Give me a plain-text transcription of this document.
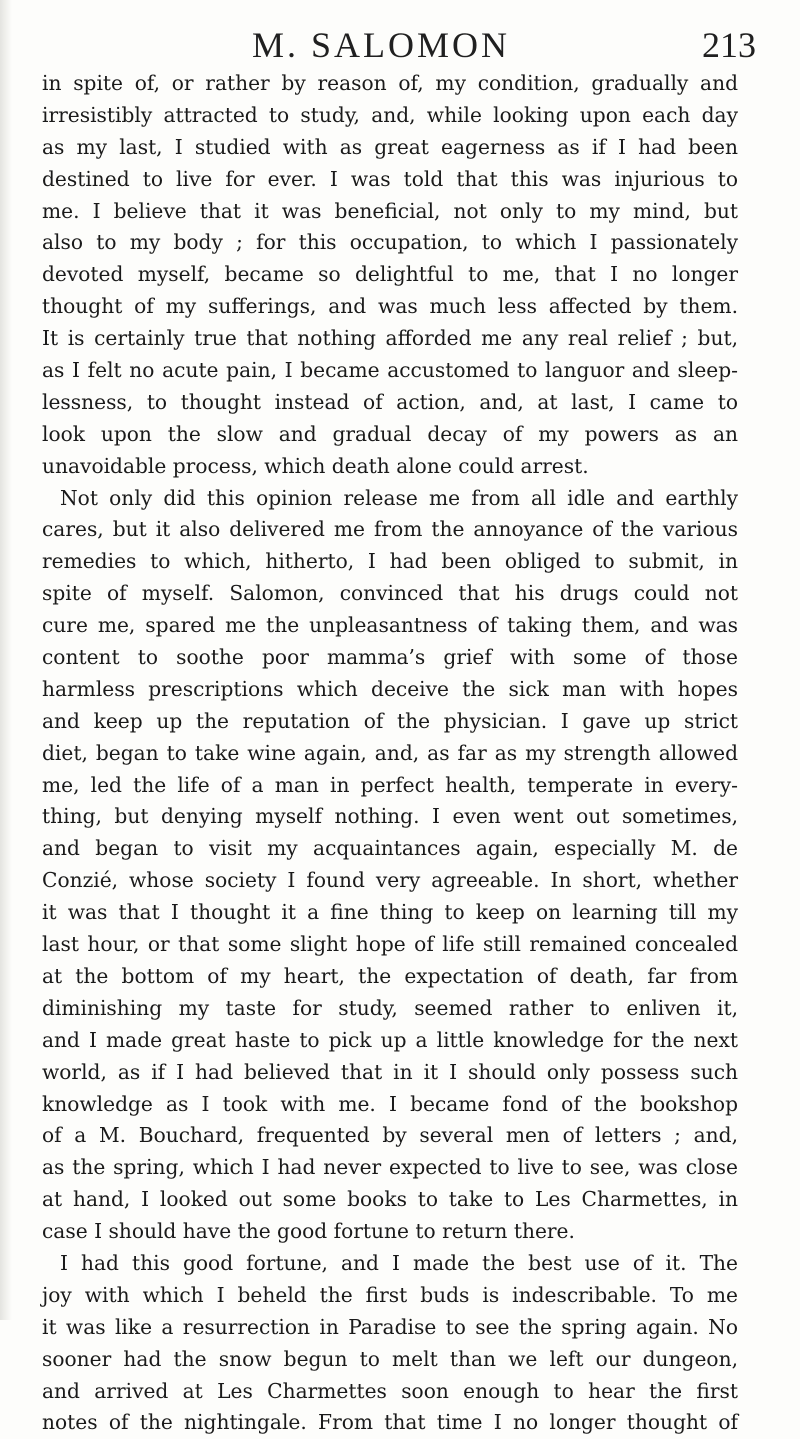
M. SALOMON	213
in spite of, or rather by reason of, my condition, gradually and
irresistibly attracted to study, and, while looking upon each day
as my last, I studied with as great eagerness as if I had been
destined to live for ever. I was told that this was injurious to
me. I believe that it was beneficial, not only to my mind, but
also to my body ; for this occupation, to which I passionately
devoted myself, became so delightful to me, that I no longer
thought of my sufferings, and was much less affected by them.
It is certainly true that nothing afforded me any real relief ; but,
as I felt no acute pain, I became accustomed to languor and sleep-
lessness, to thought instead of action, and, at last, I came to
look upon the slow and gradual decay of my powers as an
unavoidable process, which death alone could arrest.
Not only did this opinion release me from all idle and earthly
cares, but it also delivered me from the annoyance of the various
remedies to which, hitherto, I had been obliged to submit, in
spite of myself. Salomon, convinced that his drugs could not
cure me, spared me the unpleasantness of taking them, and was
content to soothe poor mamma’s grief with some of those
harmless prescriptions which deceive the sick man with hopes
and keep up the reputation of the physician. I gave up strict
diet, began to take wine again, and, as far as my strength allowed
me, led the life of a man in perfect health, temperate in every-
thing, but denying myself nothing. I even went out sometimes,
and began to visit my acquaintances again, especially M. de
Conzié, whose society I found very agreeable. In short, whether
it was that I thought it a fine thing to keep on learning till my
last hour, or that some slight hope of life still remained concealed
at the bottom of my heart, the expectation of death, far from
diminishing my taste for study, seemed rather to enliven it,
and I made great haste to pick up a little knowledge for the next
world, as if I had believed that in it I should only possess such
knowledge as I took with me. I became fond of the bookshop
of a M. Bouchard, frequented by several men of letters ; and,
as the spring, which I had never expected to live to see, was close
at hand, I looked out some books to take to Les Charmettes, in
case I should have the good fortune to return there.
I had this good fortune, and I made the best use of it. The
joy with which I beheld the first buds is indescribable. To me
it was like a resurrection in Paradise to see the spring again. No
sooner had the snow begun to melt than we left our dungeon,
and arrived at Les Charmettes soon enough to hear the first
notes of the nightingale. From that time I no longer thought of
